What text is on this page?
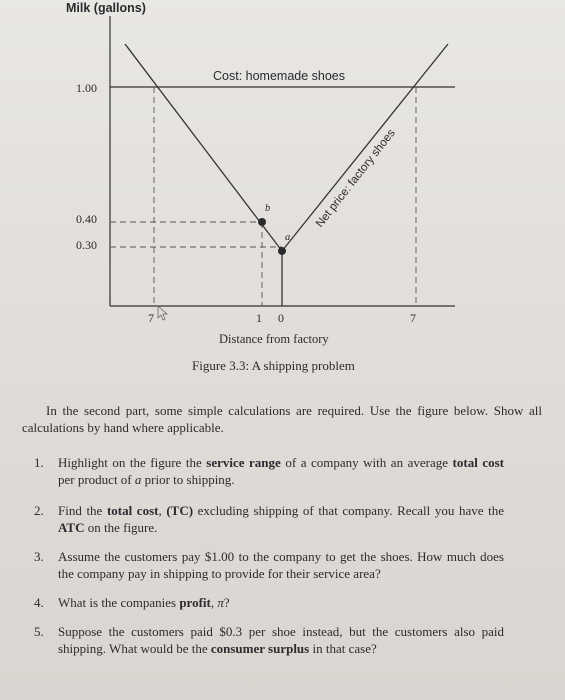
Milk (gallons)
1.00
0.40
0.30
Cost: homemade shoes
Net price: factory shoes
b
a
7	1 0	7
Distance from factory
Figure 3.3: A shipping problem

In the second part, some simple calculations are required. Use the figure below. Show all calculations by hand where applicable.

1. Highlight on the figure the service range of a company with an average total cost per product of a prior to shipping.
2. Find the total cost, (TC) excluding shipping of that company. Recall you have the ATC on the figure.
3. Assume the customers pay $1.00 to the company to get the shoes. How much does the company pay in shipping to provide for their service area?
4. What is the companies profit, π?
5. Suppose the customers paid $0.3 per shoe instead, but the customers also paid shipping. What would be the consumer surplus in that case?
